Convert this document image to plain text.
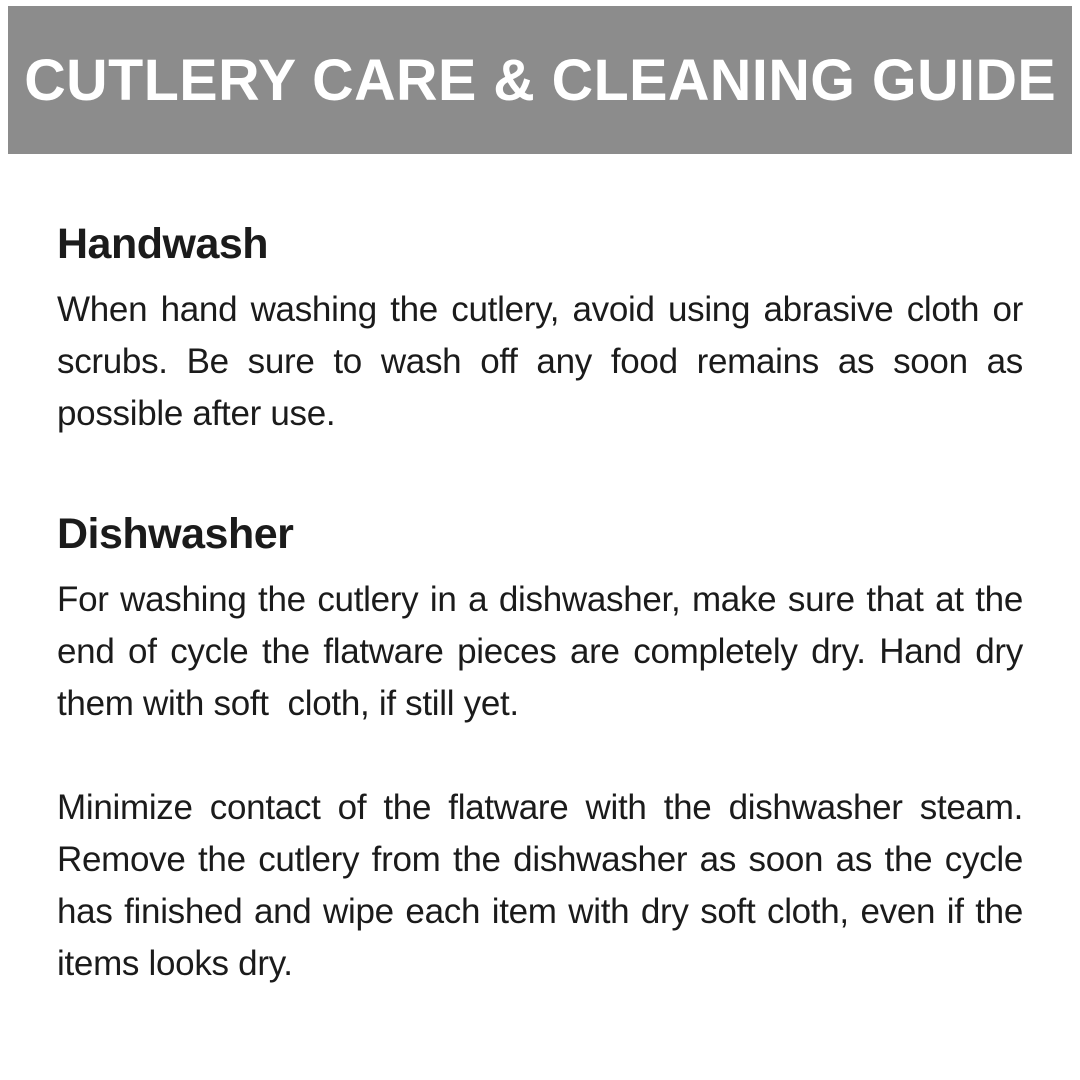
CUTLERY CARE & CLEANING GUIDE
Handwash

When hand washing the cutlery, avoid using abrasive cloth or scrubs. Be sure to wash off any food remains as soon as possible after use.

Dishwasher

For washing the cutlery in a dishwasher, make sure that at the end of cycle the flatware pieces are completely dry. Hand dry them with soft  cloth, if still yet.

Minimize contact of the flatware with the dishwasher steam. Remove the cutlery from the dishwasher as soon as the cycle has finished and wipe each item with dry soft cloth, even if the items looks dry.
